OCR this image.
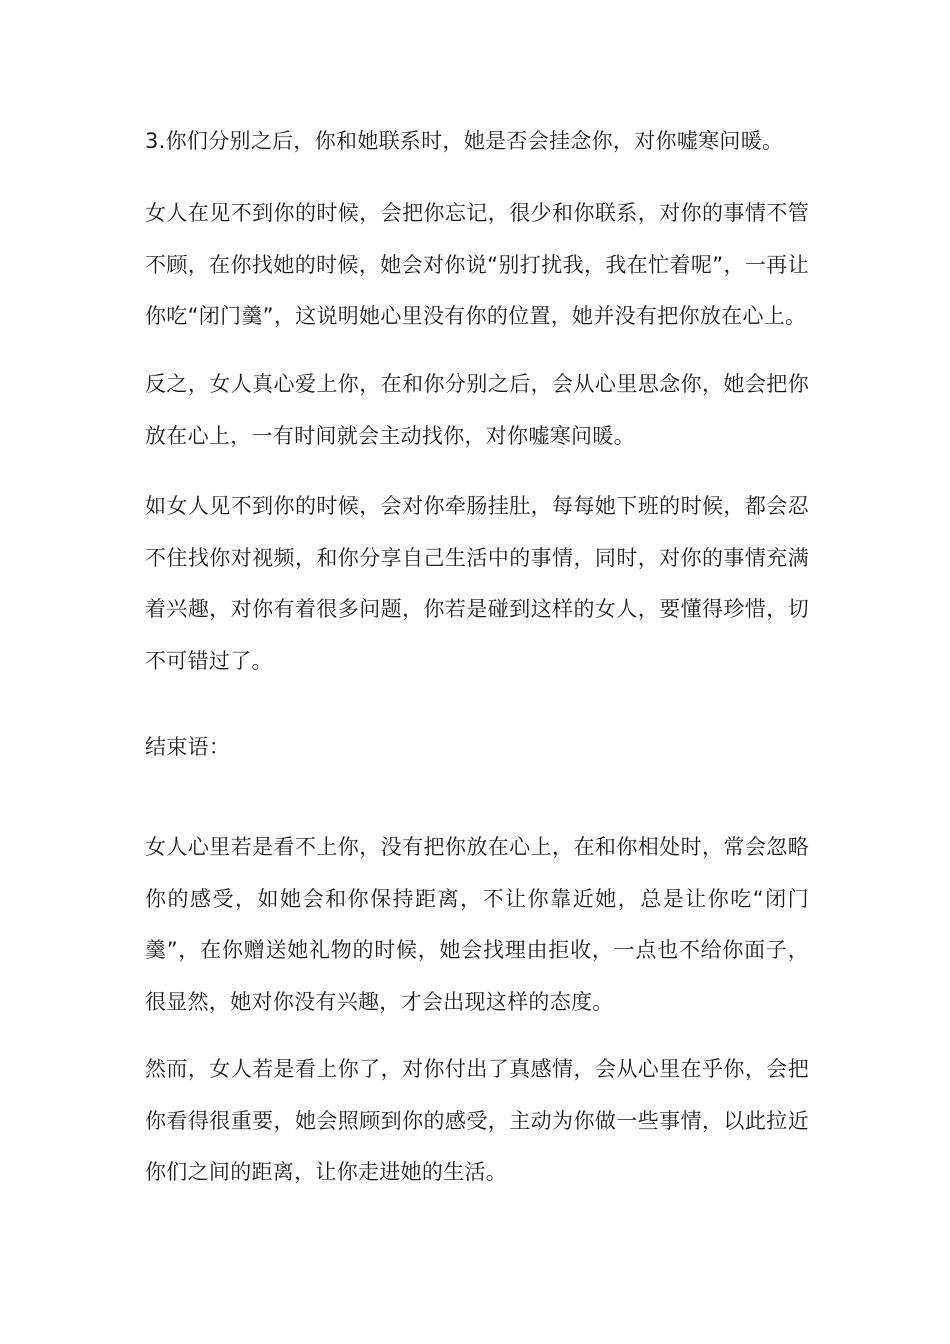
3.你们分别之后，你和她联系时，她是否会挂念你，对你嘘寒问暖。

女人在见不到你的时候，会把你忘记，很少和你联系，对你的事情不管不顾，在你找她的时候，她会对你说“别打扰我，我在忙着呢”，一再让你吃“闭门羹”，这说明她心里没有你的位置，她并没有把你放在心上。

反之，女人真心爱上你，在和你分别之后，会从心里思念你，她会把你放在心上，一有时间就会主动找你，对你嘘寒问暖。

如女人见不到你的时候，会对你牵肠挂肚，每每她下班的时候，都会忍不住找你对视频，和你分享自己生活中的事情，同时，对你的事情充满着兴趣，对你有着很多问题，你若是碰到这样的女人，要懂得珍惜，切不可错过了。

结束语：

女人心里若是看不上你，没有把你放在心上，在和你相处时，常会忽略你的感受，如她会和你保持距离，不让你靠近她，总是让你吃“闭门羹”，在你赠送她礼物的时候，她会找理由拒收，一点也不给你面子，很显然，她对你没有兴趣，才会出现这样的态度。

然而，女人若是看上你了，对你付出了真感情，会从心里在乎你，会把你看得很重要，她会照顾到你的感受，主动为你做一些事情，以此拉近你们之间的距离，让你走进她的生活。
